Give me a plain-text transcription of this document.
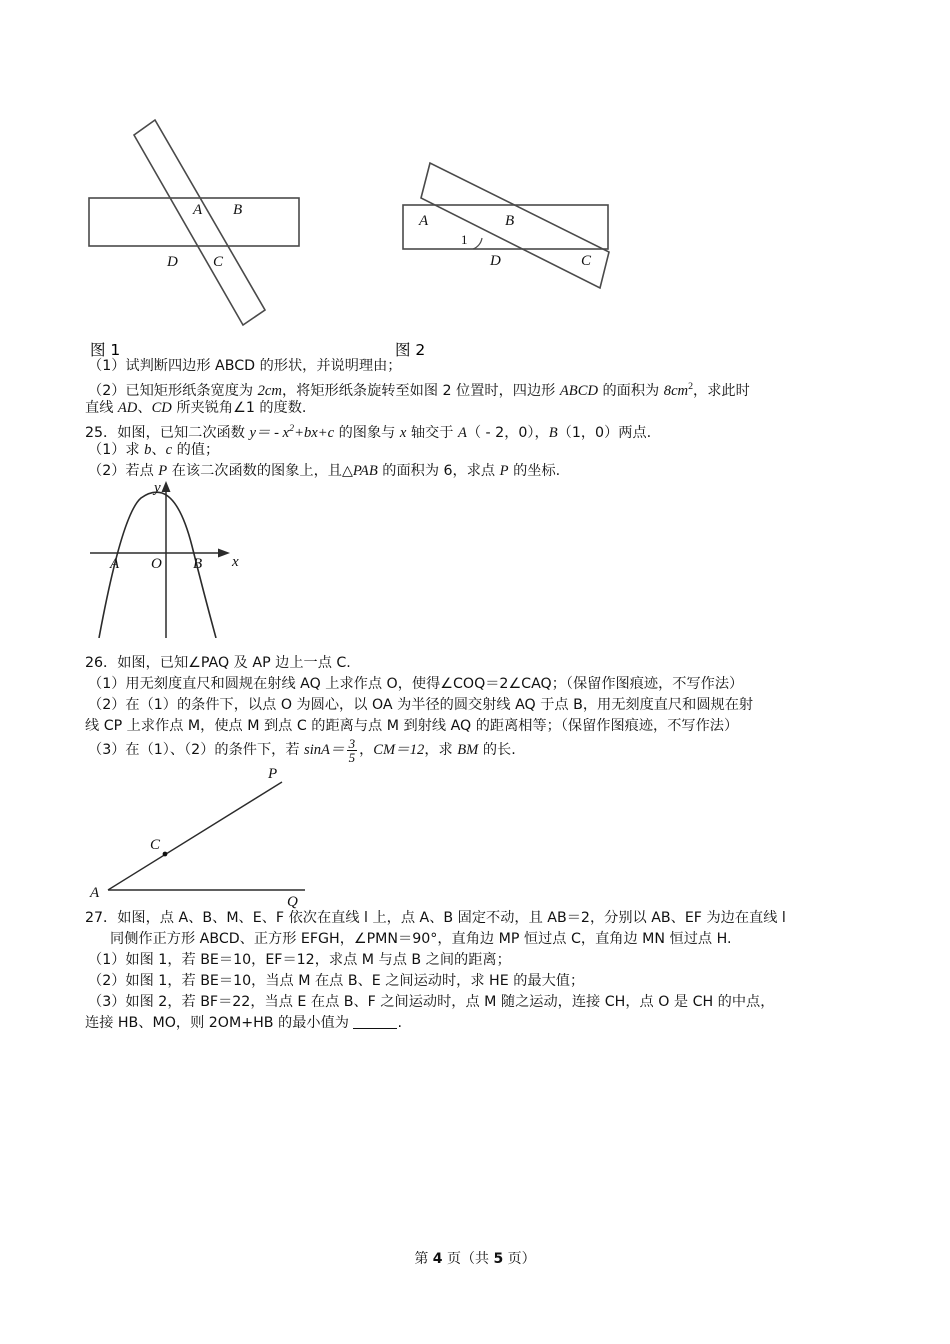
A B
D C
A	B
D	C
1
图 1	图 2
（1）试判断四边形 ABCD 的形状，并说明理由；
（2）已知矩形纸条宽度为 2cm，将矩形纸条旋转至如图 2 位置时，四边形 ABCD 的面积为 $8cm^2$，求此时
直线 AD、CD 所夹锐角∠1 的度数.
25．如图，已知二次函数 $y= - x^2+bx+c$ 的图象与 x 轴交于 A（ - 2，0），B（1，0）两点.
（1）求 b、c 的值；
（2）若点 P 在该二次函数的图象上，且△PAB 的面积为 6，求点 P 的坐标.
A O B x
y
26．如图，已知∠PAQ 及 AP 边上一点 C.
（1）用无刻度直尺和圆规在射线 AQ 上求作点 O，使得∠COQ＝2∠CAQ；（保留作图痕迹，不写作法）
（2）在（1）的条件下，以点 O 为圆心，以 OA 为半径的圆交射线 AQ 于点 B，用无刻度直尺和圆规在射
线 CP 上求作点 M，使点 M 到点 C 的距离与点 M 到射线 AQ 的距离相等；（保留作图痕迹，不写作法）
（3）在（1）、（2）的条件下，若 $\sin A= \frac{3}{5}$ ，CM＝12，求 BM 的长.
C
P
A
Q
27．如图，点 A、B、M、E、F 依次在直线 l 上，点 A、B 固定不动，且 AB＝2，分别以 AB、EF 为边在直线 l
同侧作正方形 ABCD、正方形 EFGH，∠PMN＝90°，直角边 MP 恒过点 C，直角边 MN 恒过点 H.
（1）如图 1，若 BE＝10，EF＝12，求点 M 与点 B 之间的距离；
（2）如图 1，若 BE＝10，当点 M 在点 B、E 之间运动时，求 HE 的最大值；
（3）如图 2，若 BF＝22，当点 E 在点 B、F 之间运动时，点 M 随之运动，连接 CH，点 O 是 CH 的中点，
连接 HB、MO，则 2OM+HB 的最小值为	.
第 4 页（共 5 页）
